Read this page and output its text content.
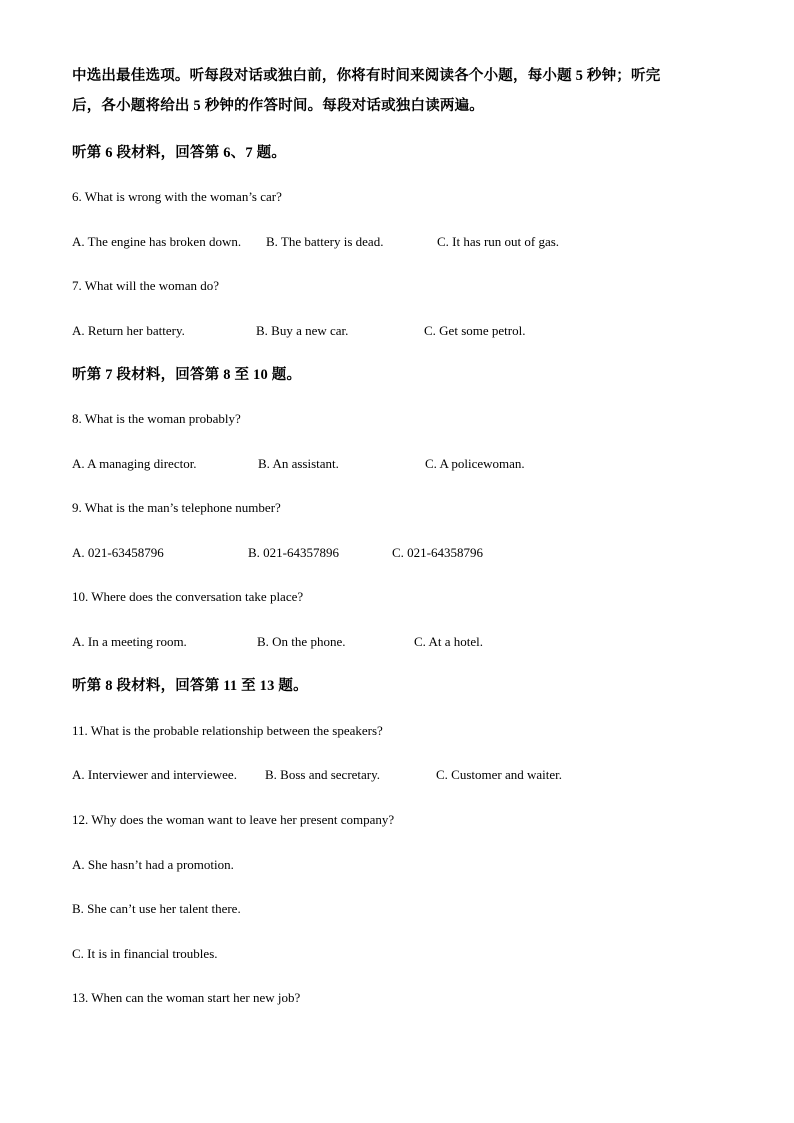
中选出最佳选项。听每段对话或独白前，你将有时间来阅读各个小题，每小题 5 秒钟；听完
后，各小题将给出 5 秒钟的作答时间。每段对话或独白读两遍。
听第 6 段材料，回答第 6、7 题。
6. What is wrong with the woman’s car?
A. The engine has broken down. B. The battery is dead.	C. It has run out of gas.
7. What will the woman do?
A. Return her battery.	B. Buy a new car.	C. Get some petrol.
听第 7 段材料，回答第 8 至 10 题。
8. What is the woman probably?
A. A managing director.	B. An assistant.	C. A policewoman.
9. What is the man’s telephone number?
A. 021-63458796	B. 021-64357896	C. 021-64358796
10. Where does the conversation take place?
A. In a meeting room.	B. On the phone.	C. At a hotel.
听第 8 段材料，回答第 11 至 13 题。
11. What is the probable relationship between the speakers?
A. Interviewer and interviewee. B. Boss and secretary.	C. Customer and waiter.
12. Why does the woman want to leave her present company?
A. She hasn’t had a promotion.
B. She can’t use her talent there.
C. It is in financial troubles.
13. When can the woman start her new job?
